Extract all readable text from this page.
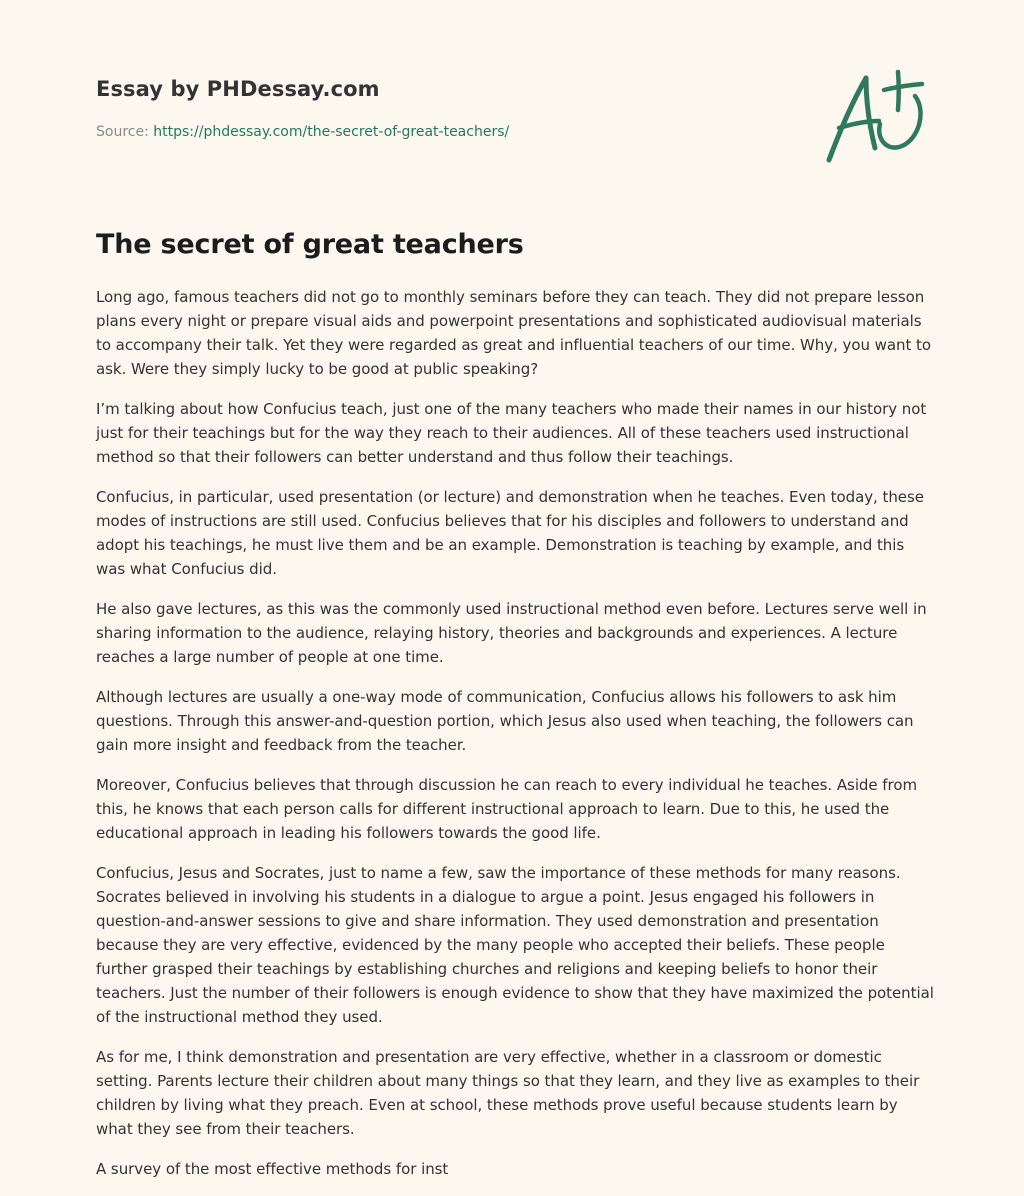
Essay by PHDessay.com
Source: https://phdessay.com/the-secret-of-great-teachers/
The secret of great teachers

Long ago, famous teachers did not go to monthly seminars before they can teach. They did not prepare lesson plans every night or prepare visual aids and powerpoint presentations and sophisticated audiovisual materials to accompany their talk. Yet they were regarded as great and influential teachers of our time. Why, you want to ask. Were they simply lucky to be good at public speaking?

I’m talking about how Confucius teach, just one of the many teachers who made their names in our history not just for their teachings but for the way they reach to their audiences. All of these teachers used instructional method so that their followers can better understand and thus follow their teachings.

Confucius, in particular, used presentation (or lecture) and demonstration when he teaches. Even today, these modes of instructions are still used. Confucius believes that for his disciples and followers to understand and adopt his teachings, he must live them and be an example. Demonstration is teaching by example, and this was what Confucius did.

He also gave lectures, as this was the commonly used instructional method even before. Lectures serve well in sharing information to the audience, relaying history, theories and backgrounds and experiences. A lecture reaches a large number of people at one time.

Although lectures are usually a one-way mode of communication, Confucius allows his followers to ask him questions. Through this answer-and-question portion, which Jesus also used when teaching, the followers can gain more insight and feedback from the teacher.

Moreover, Confucius believes that through discussion he can reach to every individual he teaches. Aside from this, he knows that each person calls for different instructional approach to learn. Due to this, he used the educational approach in leading his followers towards the good life.

Confucius, Jesus and Socrates, just to name a few, saw the importance of these methods for many reasons. Socrates believed in involving his students in a dialogue to argue a point. Jesus engaged his followers in question-and-answer sessions to give and share information. They used demonstration and presentation because they are very effective, evidenced by the many people who accepted their beliefs. These people further grasped their teachings by establishing churches and religions and keeping beliefs to honor their teachers. Just the number of their followers is enough evidence to show that they have maximized the potential of the instructional method they used.

As for me, I think demonstration and presentation are very effective, whether in a classroom or domestic setting. Parents lecture their children about many things so that they learn, and they live as examples to their children by living what they preach. Even at school, these methods prove useful because students learn by what they see from their teachers.

A survey of the most effective methods for inst
